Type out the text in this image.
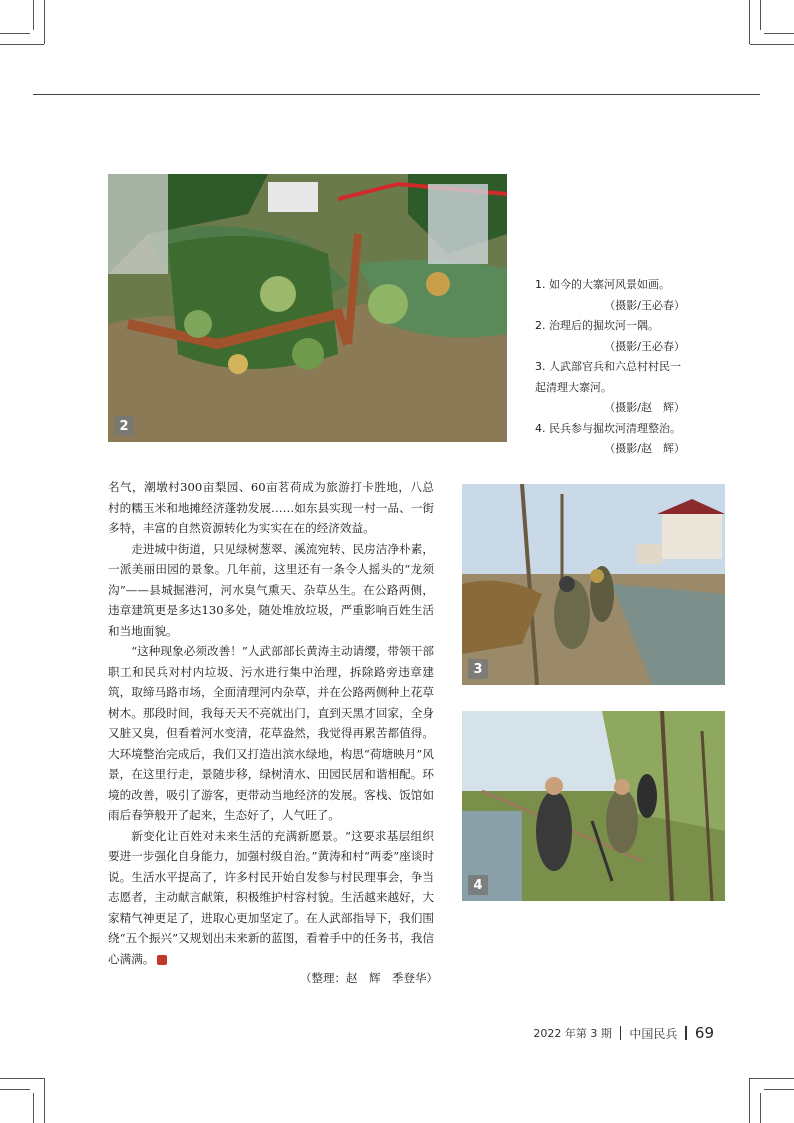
2

1. 如今的大寨河风景如画。

（摄影/王必春）

2. 治理后的掘坎河一隅。

（摄影/王必春）

3. 人武部官兵和六总村村民一起清理大寨河。

（摄影/赵　辉）

4. 民兵参与掘坎河清理整治。

（摄影/赵　辉）

3
4

名气，潮墩村300亩梨园、60亩茗荷成为旅游打卡胜地，八总村的糯玉米和地摊经济蓬勃发展……如东县实现一村一品、一街多特，丰富的自然资源转化为实实在在的经济效益。

走进城中街道，只见绿树葱翠、溪流宛转、民房洁净朴素，一派美丽田园的景象。几年前，这里还有一条令人摇头的“龙须沟”——县城掘港河，河水臭气熏天、杂草丛生。在公路两侧，违章建筑更是多达130多处，随处堆放垃圾，严重影响百姓生活和当地面貌。

“这种现象必须改善！”人武部部长黄涛主动请缨，带领干部职工和民兵对村内垃圾、污水进行集中治理，拆除路旁违章建筑，取缔马路市场，全面清理河内杂草，并在公路两侧种上花草树木。那段时间，我每天天不亮就出门，直到天黑才回家，全身又脏又臭，但看着河水变清，花草盎然，我觉得再累苦都值得。大环境整治完成后，我们又打造出滨水绿地，构思“荷塘映月”风景，在这里行走，景随步移，绿树清水、田园民居和谐相配。环境的改善，吸引了游客，更带动当地经济的发展。客栈、饭馆如雨后春笋般开了起来，生态好了，人气旺了。

新变化让百姓对未来生活的充满新愿景。“这要求基层组织要进一步强化自身能力，加强村级自治。”黄涛和村“两委”座谈时说。生活水平提高了，许多村民开始自发参与村民理事会，争当志愿者，主动献言献策，积极维护村容村貌。生活越来越好，大家精气神更足了，进取心更加坚定了。在人武部指导下，我们围绕“五个振兴”又规划出未来新的蓝图，看着手中的任务书，我信心满满。

（整理：赵　辉　季登华）
2022 年第 3 期 中国民兵 69
